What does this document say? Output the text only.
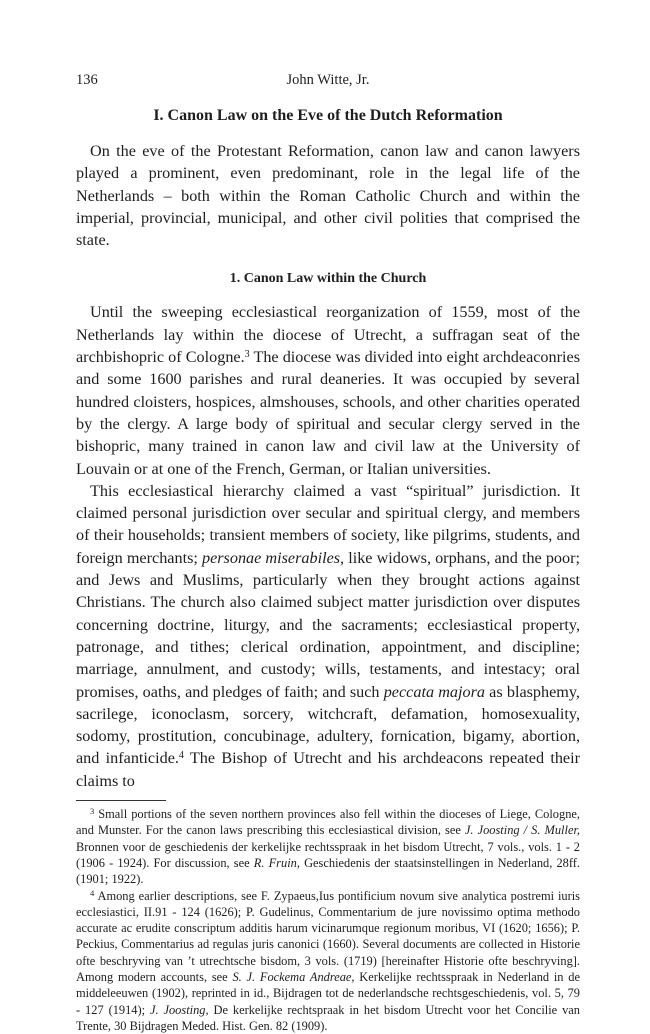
136	John Witte, Jr.
I. Canon Law on the Eve of the Dutch Reformation

On the eve of the Protestant Reformation, canon law and canon lawyers played a prominent, even predominant, role in the legal life of the Netherlands – both within the Roman Catholic Church and within the imperial, provincial, municipal, and other civil polities that comprised the state.

1. Canon Law within the Church

Until the sweeping ecclesiastical reorganization of 1559, most of the Netherlands lay within the diocese of Utrecht, a suffragan seat of the archbishopric of Cologne.$^3$ The diocese was divided into eight archdeaconries and some 1600 parishes and rural deaneries. It was occupied by several hundred cloisters, hospices, almshouses, schools, and other charities operated by the clergy. A large body of spiritual and secular clergy served in the bishopric, many trained in canon law and civil law at the University of Louvain or at one of the French, German, or Italian universities.

This ecclesiastical hierarchy claimed a vast “spiritual” jurisdiction. It claimed personal jurisdiction over secular and spiritual clergy, and members of their households; transient members of society, like pilgrims, students, and foreign merchants; personae miserabiles, like widows, orphans, and the poor; and Jews and Muslims, particularly when they brought actions against Christians. The church also claimed subject matter jurisdiction over disputes concerning doctrine, liturgy, and the sacraments; ecclesiastical property, patronage, and tithes; clerical ordination, appointment, and discipline; marriage, annulment, and custody; wills, testaments, and intestacy; oral promises, oaths, and pledges of faith; and such peccata majora as blasphemy, sacrilege, iconoclasm, sorcery, witchcraft, defamation, homosexuality, sodomy, prostitution, concubinage, adultery, fornication, bigamy, abortion, and infanticide.$^4$ The Bishop of Utrecht and his archdeacons repeated their claims to

$^3$ Small portions of the seven northern provinces also fell within the dioceses of Liege, Cologne, and Munster. For the canon laws prescribing this ecclesiastical division, see J. Joosting / S. Muller, Bronnen voor de geschiedenis der kerkelijke rechtsspraak in het bisdom Utrecht, 7 vols., vols. 1 - 2 (1906 - 1924). For discussion, see R. Fruin, Geschiedenis der staatsinstellingen in Nederland, 28ff. (1901; 1922).

$^4$ Among earlier descriptions, see F. Zypaeus,Ius pontificium novum sive analytica postremi iuris ecclesiastici, II.91 - 124 (1626); P. Gudelinus, Commentarium de jure novissimo optima methodo accurate ac erudite conscriptum additis harum vicinarumque regionum moribus, VI (1620; 1656); P. Peckius, Commentarius ad regulas juris canonici (1660). Several documents are collected in Historie ofte beschryving van ’t utrechtsche bisdom, 3 vols. (1719) [hereinafter Historie ofte beschryving]. Among modern accounts, see S. J. Fockema Andreae, Kerkelijke rechtsspraak in Nederland in de middeleeuwen (1902), reprinted in id., Bijdragen tot de nederlandsche rechtsgeschiedenis, vol. 5, 79 - 127 (1914); J. Joosting, De kerkelijke rechtspraak in het bisdom Utrecht voor het Concilie van Trente, 30 Bijdragen Meded. Hist. Gen. 82 (1909).
